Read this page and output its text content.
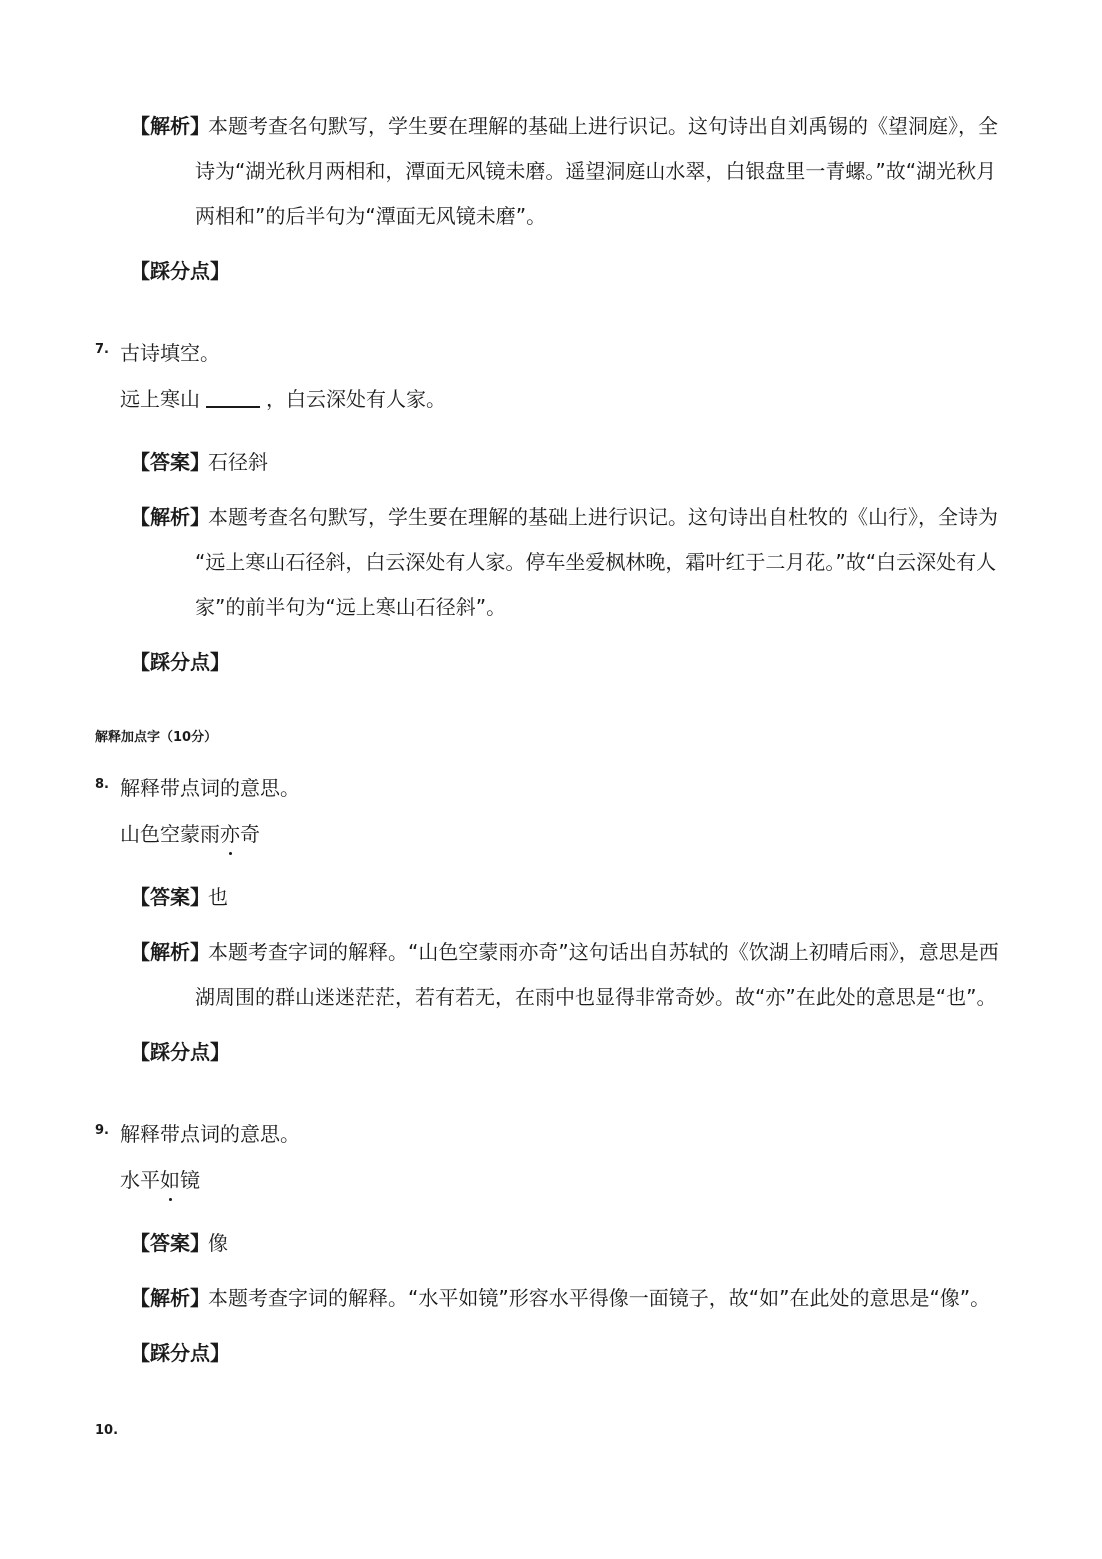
【解析】本题考查名句默写，学生要在理解的基础上进行识记。这句诗出自刘禹锡的《望洞庭》，全
诗为“湖光秋月两相和，潭面无风镜未磨。遥望洞庭山水翠，白银盘里一青螺。”故“湖光秋月
两相和”的后半句为“潭面无风镜未磨”。
【踩分点】
7. 古诗填空。
远上寒山	，白云深处有人家。
【答案】石径斜
【解析】本题考查名句默写，学生要在理解的基础上进行识记。这句诗出自杜牧的《山行》，全诗为
“远上寒山石径斜，白云深处有人家。停车坐爱枫林晚，霜叶红于二月花。”故“白云深处有人
家”的前半句为“远上寒山石径斜”。
【踩分点】
解释加点字（10分）
8. 解释带点词的意思。
山色空蒙雨亦奇
【答案】也
【解析】本题考查字词的解释。“山色空蒙雨亦奇”这句话出自苏轼的《饮湖上初晴后雨》，意思是西
湖周围的群山迷迷茫茫，若有若无，在雨中也显得非常奇妙。故“亦”在此处的意思是“也”。
【踩分点】
9. 解释带点词的意思。
水平如镜
【答案】像
【解析】本题考查字词的解释。“水平如镜”形容水平得像一面镜子，故“如”在此处的意思是“像”。
【踩分点】
10.
